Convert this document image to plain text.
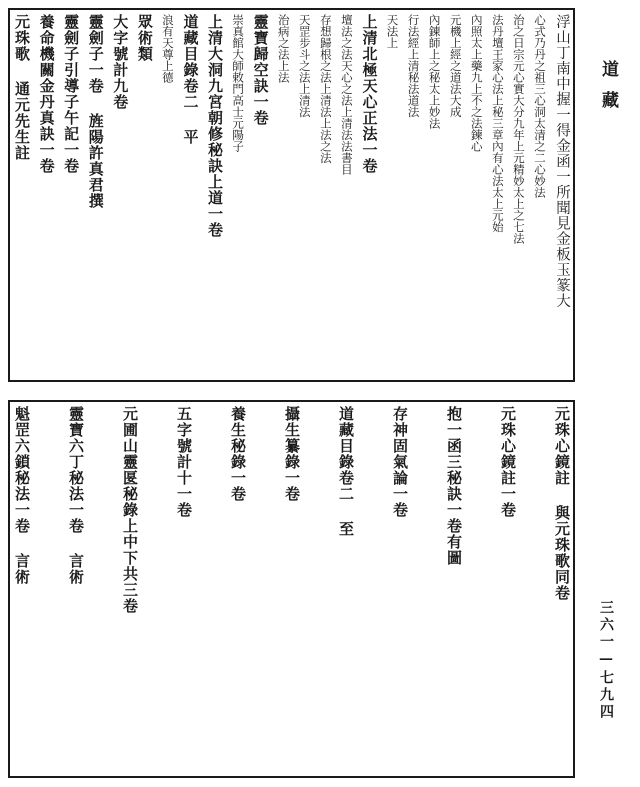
道藏
三六一—七九四
浮山丁南中握一得金函一所聞見金板玉篆大
心式乃丹之祖三心洞太清之二心妙法
治之日宗元心實大分九年上元精妙太上之七法
法丹壇王家心法上秘三章內有心法太上元始
內照太上藥九上不之法鍊心
元機上經之道法大成
內鍊師上之秘太上妙法
行法經上清秘法道法
天法上
上清北極天心正法一卷
壇法之法天心之法上清法法書目
存想歸根之法上清法上法之法
天罡步斗之法上清法
治病之法上法
靈寶歸空訣一卷
崇真館大師敕門高士元陽子
上清大洞九宮朝修秘訣上道一卷
道藏目錄卷二 平
浪有天尊上德
眾術類
大字號計九卷
靈劍子一卷 旌陽許真君撰
靈劍子引導子午記一卷
養命機關金丹真訣一卷
元珠歌 通元先生註
元珠心鏡註 與元珠歌同卷
元珠心鏡註一卷
抱一函三秘訣一卷有圖
存神固氣論一卷
道藏目錄卷二 至
攝生纂錄一卷
養生秘錄一卷
五字號計十一卷
元圃山靈匽秘錄上中下共三卷
靈寶六丁秘法一卷 言術
魁罡六鎖秘法一卷 言術
